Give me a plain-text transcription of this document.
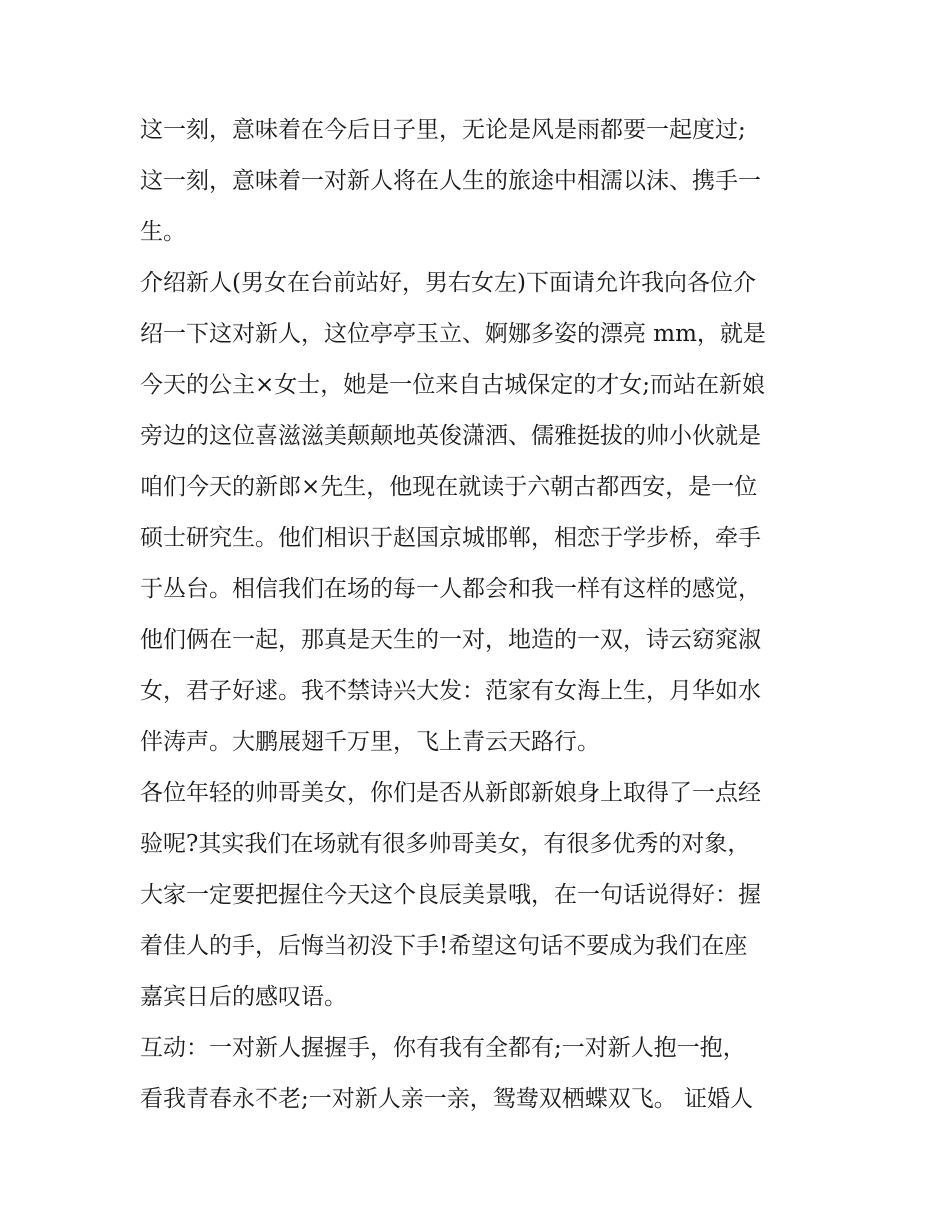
这一刻，意味着在今后日子里，无论是风是雨都要一起度过;
这一刻，意味着一对新人将在人生的旅途中相濡以沫、携手一
生。
介绍新人(男女在台前站好，男右女左)下面请允许我向各位介
绍一下这对新人，这位亭亭玉立、婀娜多姿的漂亮 mm，就是
今天的公主×女士，她是一位来自古城保定的才女;而站在新娘
旁边的这位喜滋滋美颠颠地英俊潇洒、儒雅挺拔的帅小伙就是
咱们今天的新郎×先生，他现在就读于六朝古都西安，是一位
硕士研究生。他们相识于赵国京城邯郸，相恋于学步桥，牵手
于丛台。相信我们在场的每一人都会和我一样有这样的感觉，
他们俩在一起，那真是天生的一对，地造的一双，诗云窈窕淑
女，君子好逑。我不禁诗兴大发：范家有女海上生，月华如水
伴涛声。大鹏展翅千万里，飞上青云天路行。
各位年轻的帅哥美女，你们是否从新郎新娘身上取得了一点经
验呢?其实我们在场就有很多帅哥美女，有很多优秀的对象，
大家一定要把握住今天这个良辰美景哦，在一句话说得好：握
着佳人的手，后悔当初没下手!希望这句话不要成为我们在座
嘉宾日后的感叹语。
互动：一对新人握握手，你有我有全都有;一对新人抱一抱，
看我青春永不老;一对新人亲一亲，鸳鸯双栖蝶双飞。 证婚人
